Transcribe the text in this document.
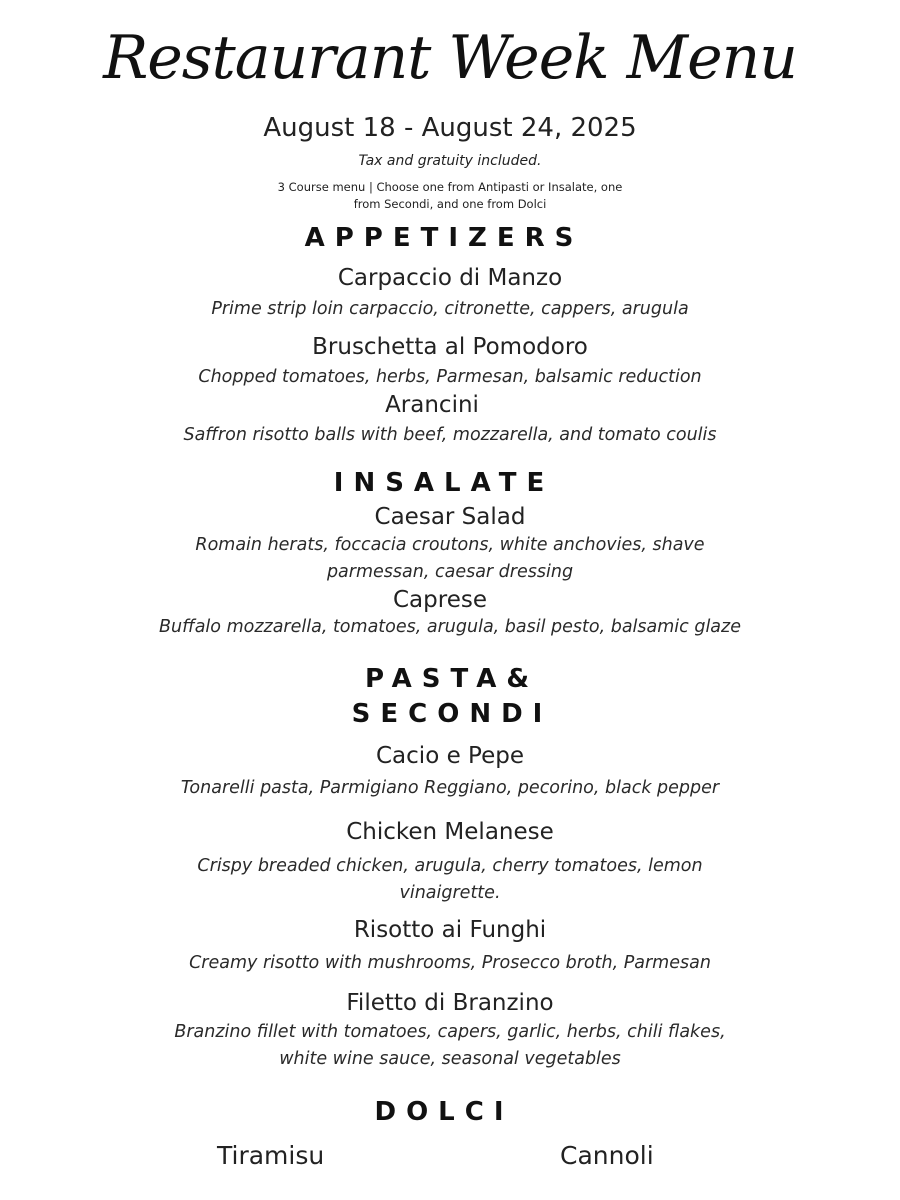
Restaurant Week Menu
August 18 - August 24, 2025
Tax and gratuity included.
3 Course menu | Choose one from Antipasti or Insalate, one
from Secondi, and one from Dolci
APPETIZERS
Carpaccio di Manzo
Prime strip loin carpaccio, citronette, cappers, arugula
Bruschetta al Pomodoro
Chopped tomatoes, herbs, Parmesan, balsamic reduction
Arancini
Saffron risotto balls with beef, mozzarella, and tomato coulis
INSALATE
Caesar Salad
Romain herats, foccacia croutons, white anchovies, shave
parmessan, caesar dressing
Caprese
Buffalo mozzarella, tomatoes, arugula, basil pesto, balsamic glaze
PASTA&
SECONDI
Cacio e Pepe
Tonarelli pasta, Parmigiano Reggiano, pecorino, black pepper
Chicken Melanese
Crispy breaded chicken, arugula, cherry tomatoes, lemon
vinaigrette.
Risotto ai Funghi
Creamy risotto with mushrooms, Prosecco broth, Parmesan
Filetto di Branzino
Branzino fillet with tomatoes, capers, garlic, herbs, chili flakes,
white wine sauce, seasonal vegetables
DOLCI
Tiramisu	Cannoli
